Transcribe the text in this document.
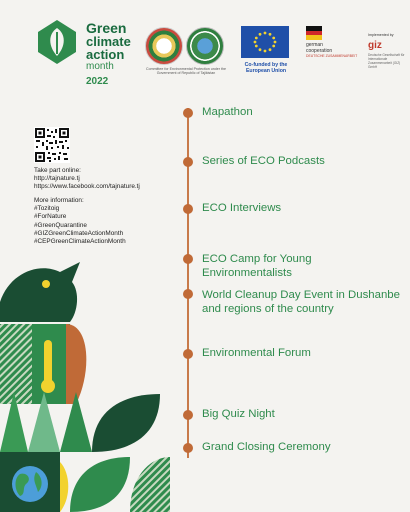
Green
climate
action
month
2022
Committee for Environmental Protection under the Government of Republic of Tajikistan
Co-funded by the European Union
german
cooperation
DEUTSCHE ZUSAMMENARBEIT
Implemented by
giz
Deutsche Gesellschaft für Internationale Zusammenarbeit (GIZ) GmbH
Take part online:
http://tajnature.tj
https://www.facebook.com/tajnature.tj
More information:
#Tozitoig
#ForNature
#GreenQuarantine
#GIZGreenClimateActionMonth
#CEPGreenClimateActionMonth
Mapathon
Series of ECO Podcasts
ECO Interviews
ECO Camp for Young Environmentalists
World Cleanup Day Event in Dushanbe and regions of the country
Environmental Forum
Big Quiz Night
Grand Closing Ceremony
